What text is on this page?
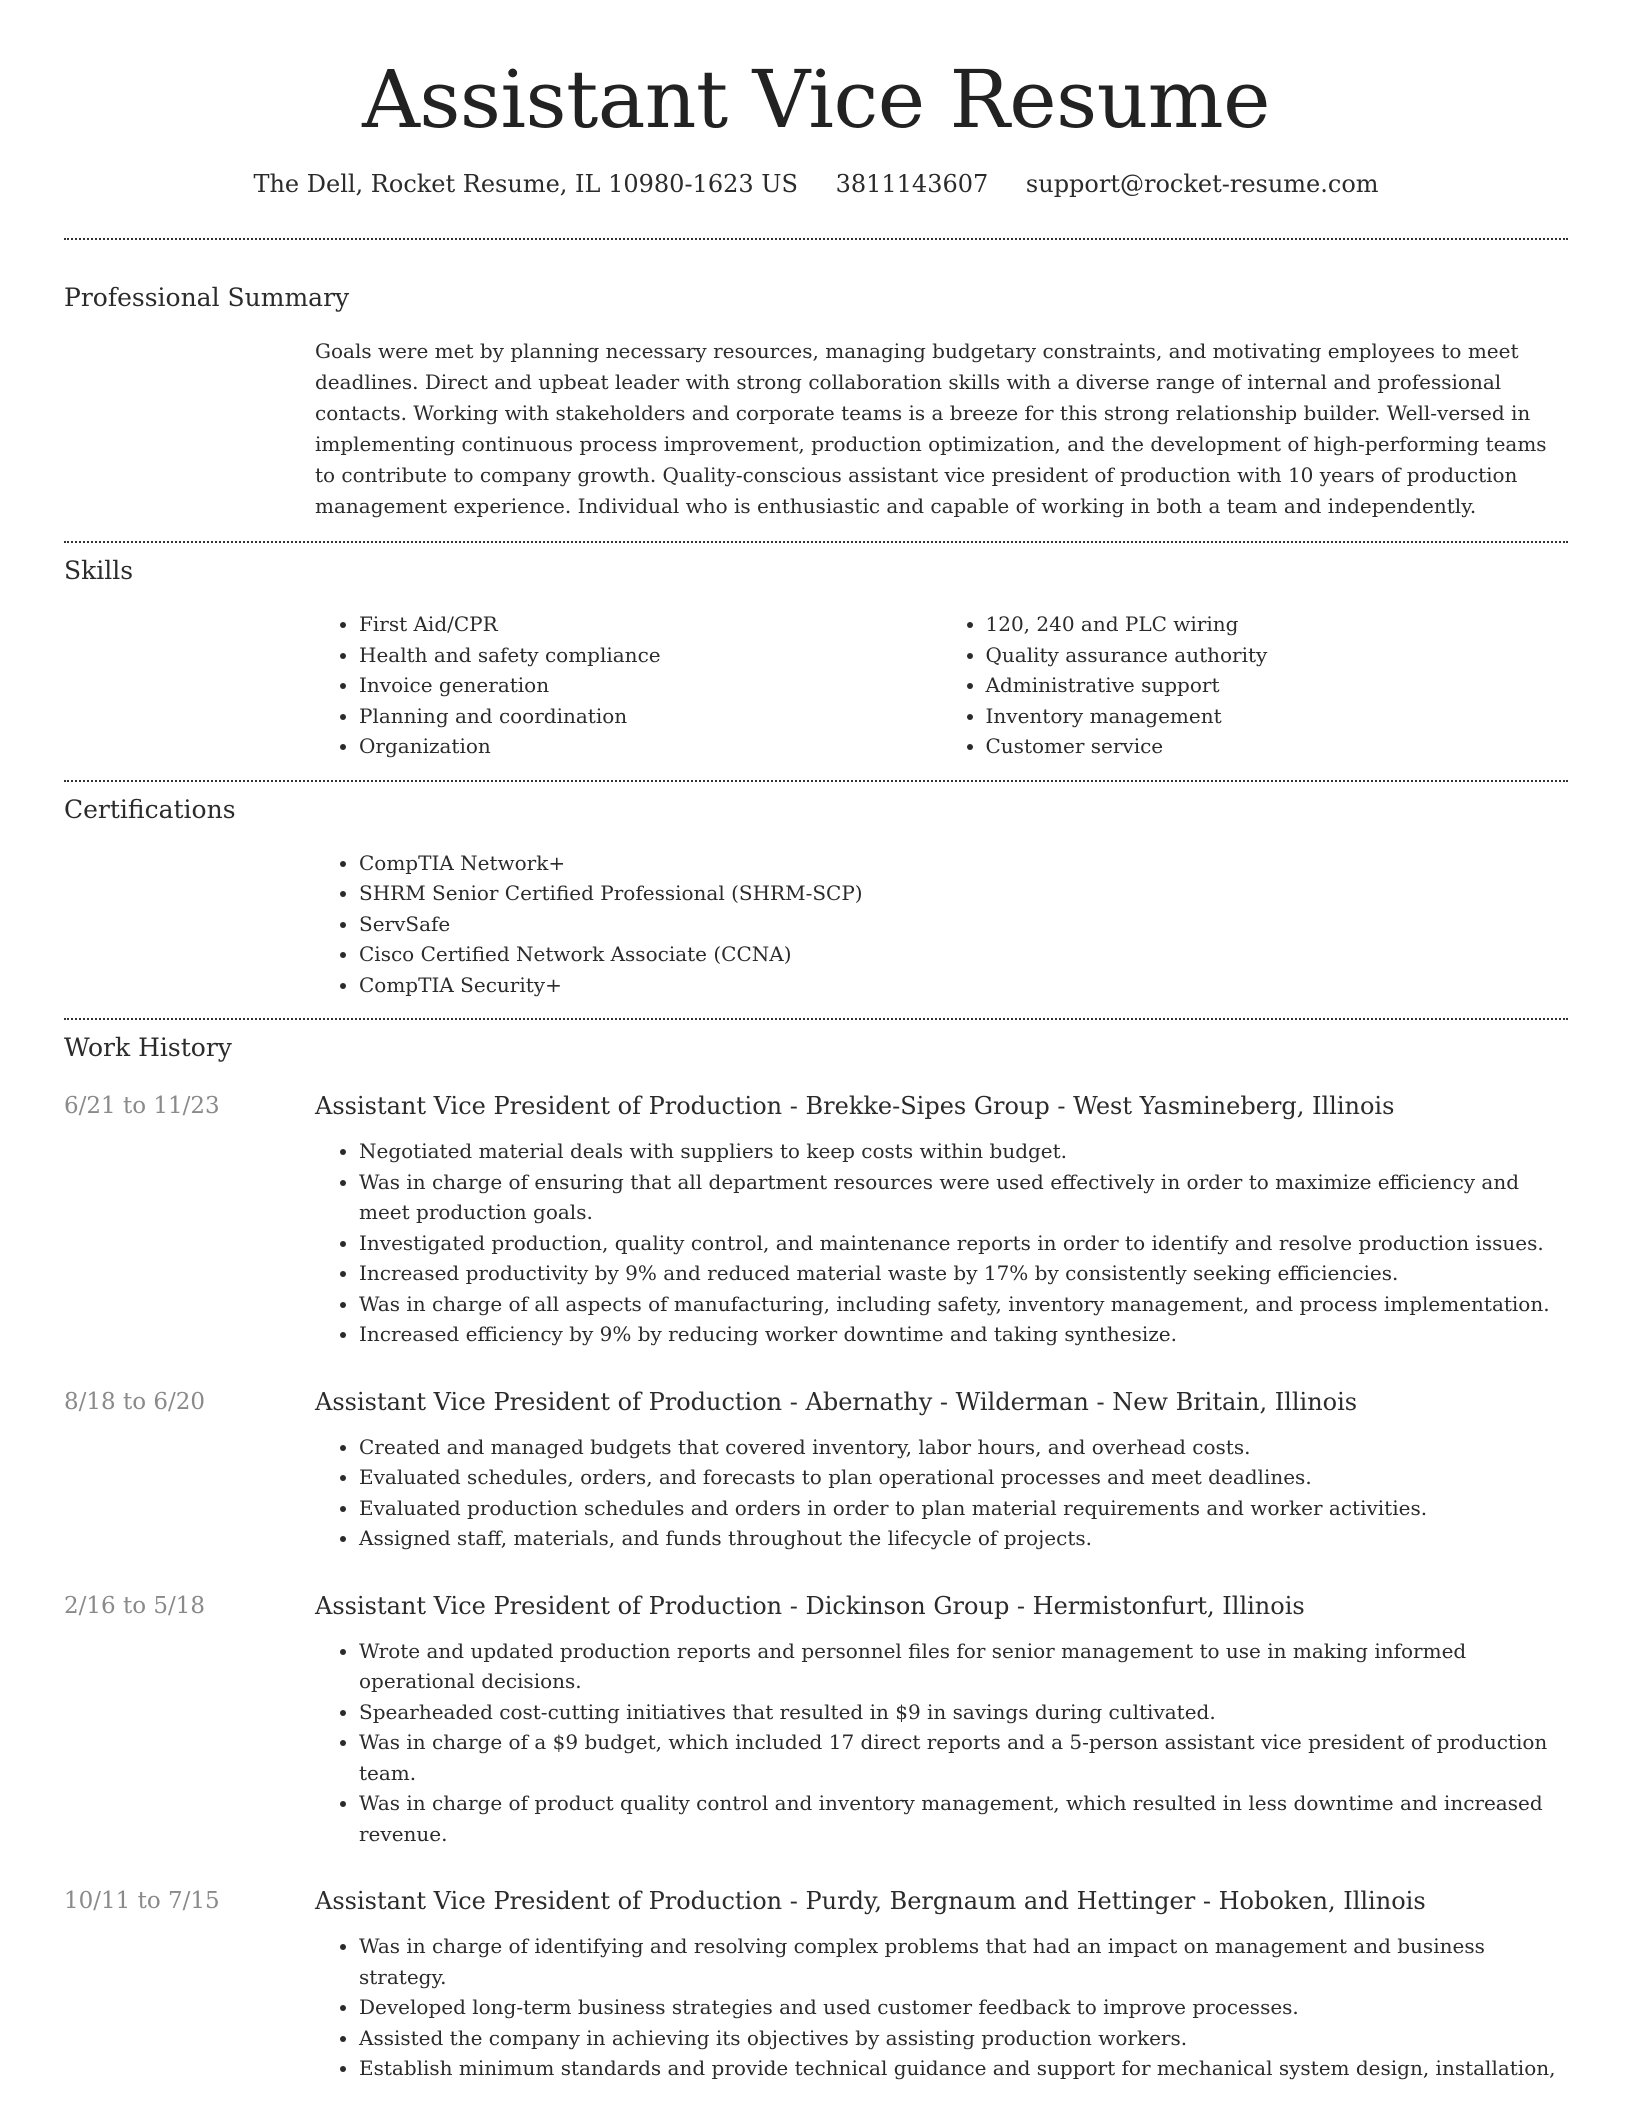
Assistant Vice Resume
The Dell, Rocket Resume, IL 10980-1623 US 3811143607 support@rocket-resume.com
Professional Summary

Goals were met by planning necessary resources, managing budgetary constraints, and motivating employees to meet deadlines. Direct and upbeat leader with strong collaboration skills with a diverse range of internal and professional contacts. Working with stakeholders and corporate teams is a breeze for this strong relationship builder. Well-versed in implementing continuous process improvement, production optimization, and the development of high-performing teams to contribute to company growth. Quality-conscious assistant vice president of production with 10 years of production management experience. Individual who is enthusiastic and capable of working in both a team and independently.

Skills
• First Aid/CPR
• Health and safety compliance
• Invoice generation
• Planning and coordination
• Organization
• 120, 240 and PLC wiring
• Quality assurance authority
• Administrative support
• Inventory management
• Customer service
Certifications
• CompTIA Network+
• SHRM Senior Certified Professional (SHRM-SCP)
• ServSafe
• Cisco Certified Network Associate (CCNA)
• CompTIA Security+
Work History
6/21 to 11/23	Assistant Vice President of Production - Brekke-Sipes Group - West Yasmineberg, Illinois
• Negotiated material deals with suppliers to keep costs within budget.
• Was in charge of ensuring that all department resources were used effectively in order to maximize efficiency and meet production goals.
• Investigated production, quality control, and maintenance reports in order to identify and resolve production issues.
• Increased productivity by 9% and reduced material waste by 17% by consistently seeking efficiencies.
• Was in charge of all aspects of manufacturing, including safety, inventory management, and process implementation.
• Increased efficiency by 9% by reducing worker downtime and taking synthesize.
8/18 to 6/20	Assistant Vice President of Production - Abernathy - Wilderman - New Britain, Illinois
• Created and managed budgets that covered inventory, labor hours, and overhead costs.
• Evaluated schedules, orders, and forecasts to plan operational processes and meet deadlines.
• Evaluated production schedules and orders in order to plan material requirements and worker activities.
• Assigned staff, materials, and funds throughout the lifecycle of projects.
2/16 to 5/18	Assistant Vice President of Production - Dickinson Group - Hermistonfurt, Illinois
• Wrote and updated production reports and personnel files for senior management to use in making informed operational decisions.
• Spearheaded cost-cutting initiatives that resulted in $9 in savings during cultivated.
• Was in charge of a $9 budget, which included 17 direct reports and a 5-person assistant vice president of production team.
• Was in charge of product quality control and inventory management, which resulted in less downtime and increased revenue.
10/11 to 7/15	Assistant Vice President of Production - Purdy, Bergnaum and Hettinger - Hoboken, Illinois
• Was in charge of identifying and resolving complex problems that had an impact on management and business strategy.
• Developed long-term business strategies and used customer feedback to improve processes.
• Assisted the company in achieving its objectives by assisting production workers.
• Establish minimum standards and provide technical guidance and support for mechanical system design, installation,
